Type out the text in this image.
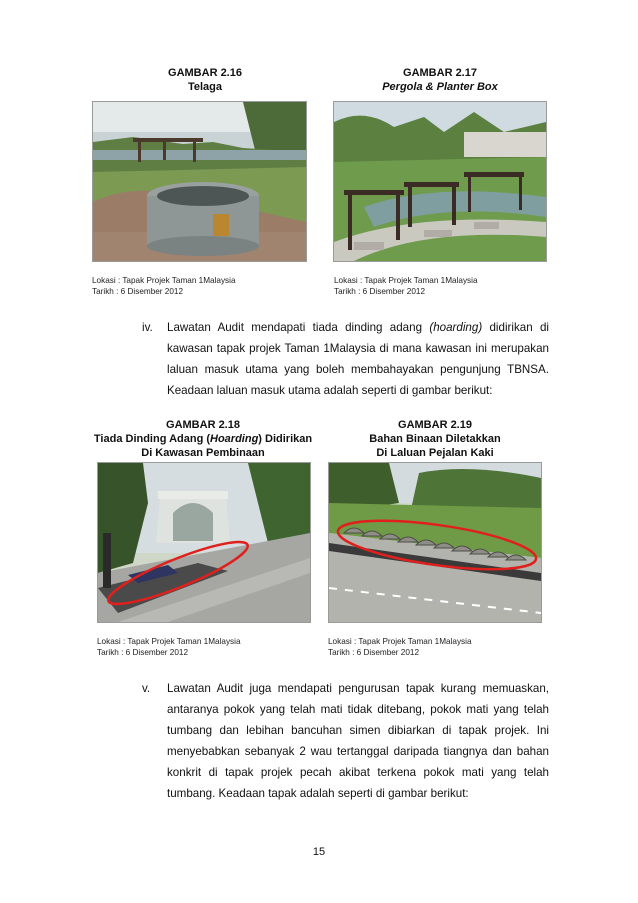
GAMBAR 2.16
Telaga
Lokasi : Tapak Projek Taman 1Malaysia
Tarikh : 6 Disember 2012
GAMBAR 2.17
Pergola & Planter Box
Lokasi : Tapak Projek Taman 1Malaysia
Tarikh : 6 Disember 2012
iv. Lawatan Audit mendapati tiada dinding adang (hoarding) didirikan di
kawasan tapak projek Taman 1Malaysia di mana kawasan ini merupakan
laluan masuk utama yang boleh membahayakan pengunjung TBNSA.
Keadaan laluan masuk utama adalah seperti di gambar berikut:
GAMBAR 2.18
Tiada Dinding Adang (Hoarding) Didirikan
Di Kawasan Pembinaan
Lokasi : Tapak Projek Taman 1Malaysia
Tarikh : 6 Disember 2012
GAMBAR 2.19
Bahan Binaan Diletakkan
Di Laluan Pejalan Kaki
Lokasi : Tapak Projek Taman 1Malaysia
Tarikh : 6 Disember 2012
v. Lawatan Audit juga mendapati pengurusan tapak kurang memuaskan,
antaranya pokok yang telah mati tidak ditebang, pokok mati yang telah
tumbang dan lebihan bancuhan simen dibiarkan di tapak projek. Ini
menyebabkan sebanyak 2 wau tertanggal daripada tiangnya dan bahan
konkrit di tapak projek pecah akibat terkena pokok mati yang telah
tumbang. Keadaan tapak adalah seperti di gambar berikut:
15
